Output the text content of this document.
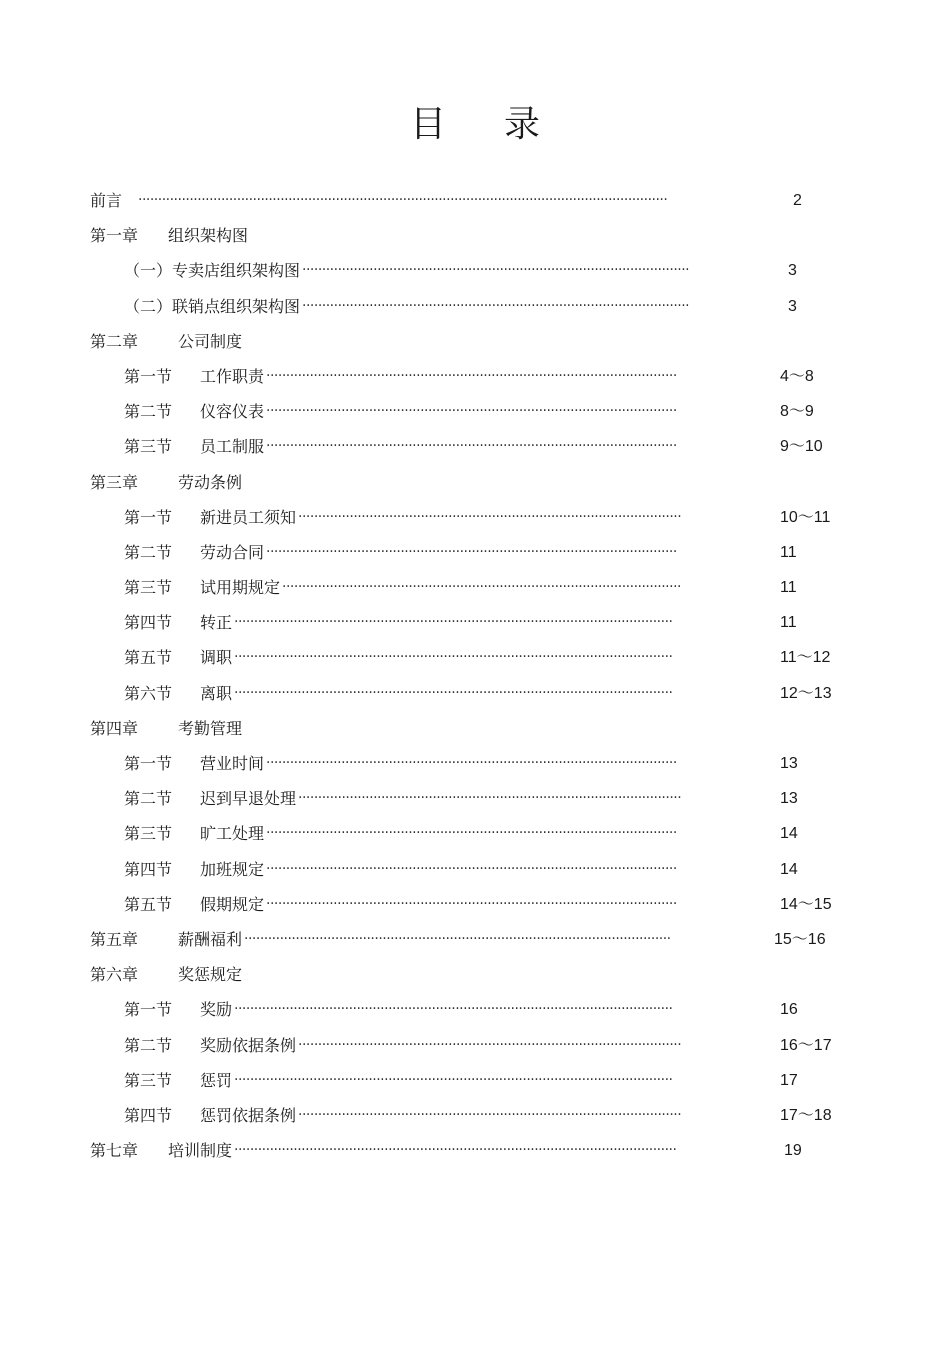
目 录
前言 ······································································································································	2
第一章 组织架构图
（一） 专卖店组织架构图 ··································································································	3
（二） 联销点组织架构图 ··································································································	3
第二章 公司制度
第一节 工作职责 ········································································································	4～8
第二节 仪容仪表 ········································································································	8～9
第三节 员工制服 ········································································································	9～10
第三章 劳动条例
第一节 新进员工须知 ·································································································	10～11
第二节 劳动合同 ········································································································	11
第三节 试用期规定 ·····································································································	11
第四节 转正 ···············································································································	11
第五节 调职 ···············································································································	11～12
第六节 离职 ···············································································································	12～13
第四章 考勤管理
第一节 营业时间 ········································································································	13
第二节 迟到早退处理 ·································································································	13
第三节 旷工处理 ········································································································	14
第四节 加班规定 ········································································································	14
第五节 假期规定 ········································································································	14～15
第五章 薪酬福利 ············································································································	15～16
第六章 奖惩规定
第一节 奖励 ···············································································································	16
第二节 奖励依据条例 ·································································································	16～17
第三节 惩罚 ···············································································································	17
第四节 惩罚依据条例 ·································································································	17～18
第七章 培训制度 ················································································································	19
